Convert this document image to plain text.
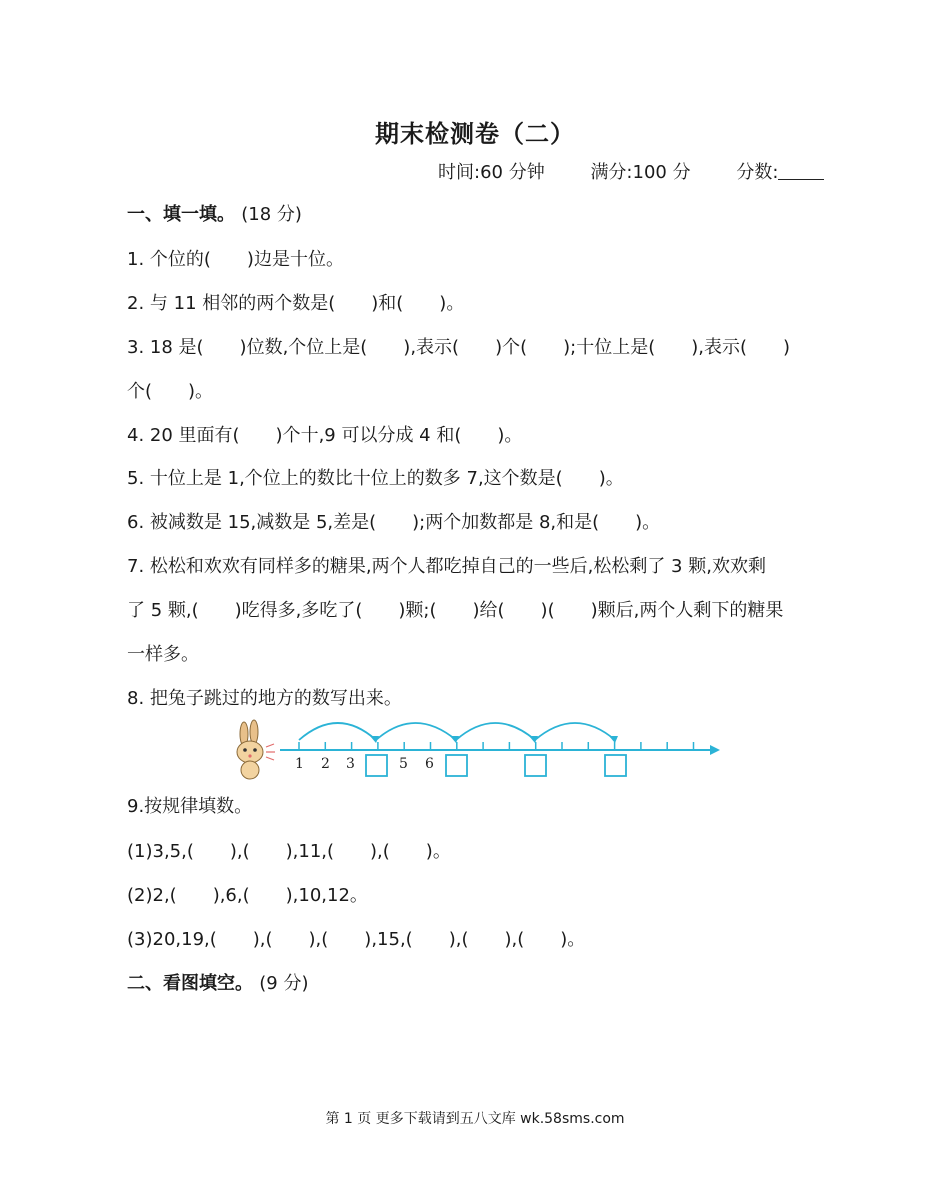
期末检测卷（二）
时间:60 分钟	满分:100 分	分数:
一、填一填。 (18 分)
1. 个位的(　　)边是十位。
2. 与 11 相邻的两个数是(　　)和(　　)。
3. 18 是(　　)位数,个位上是(　　),表示(　　)个(　　);十位上是(　　),表示(　　)
个(　　)。
4. 20 里面有(　　)个十,9 可以分成 4 和(　　)。
5. 十位上是 1,个位上的数比十位上的数多 7,这个数是(　　)。
6. 被减数是 15,减数是 5,差是(　　);两个加数都是 8,和是(　　)。
7. 松松和欢欢有同样多的糖果,两个人都吃掉自己的一些后,松松剩了 3 颗,欢欢剩
了 5 颗,(　　)吃得多,多吃了(　　)颗;(　　)给(　　)(　　)颗后,两个人剩下的糖果
一样多。
8. 把兔子跳过的地方的数写出来。
1 2 3	5 6
9.按规律填数。
(1)3,5,(　　),(　　),11,(　　),(　　)。
(2)2,(　　),6,(　　),10,12。
(3)20,19,(　　),(　　),(　　),15,(　　),(　　),(　　)。
二、看图填空。 (9 分)
第 1 页 更多下载请到五八文库 wk.58sms.com
